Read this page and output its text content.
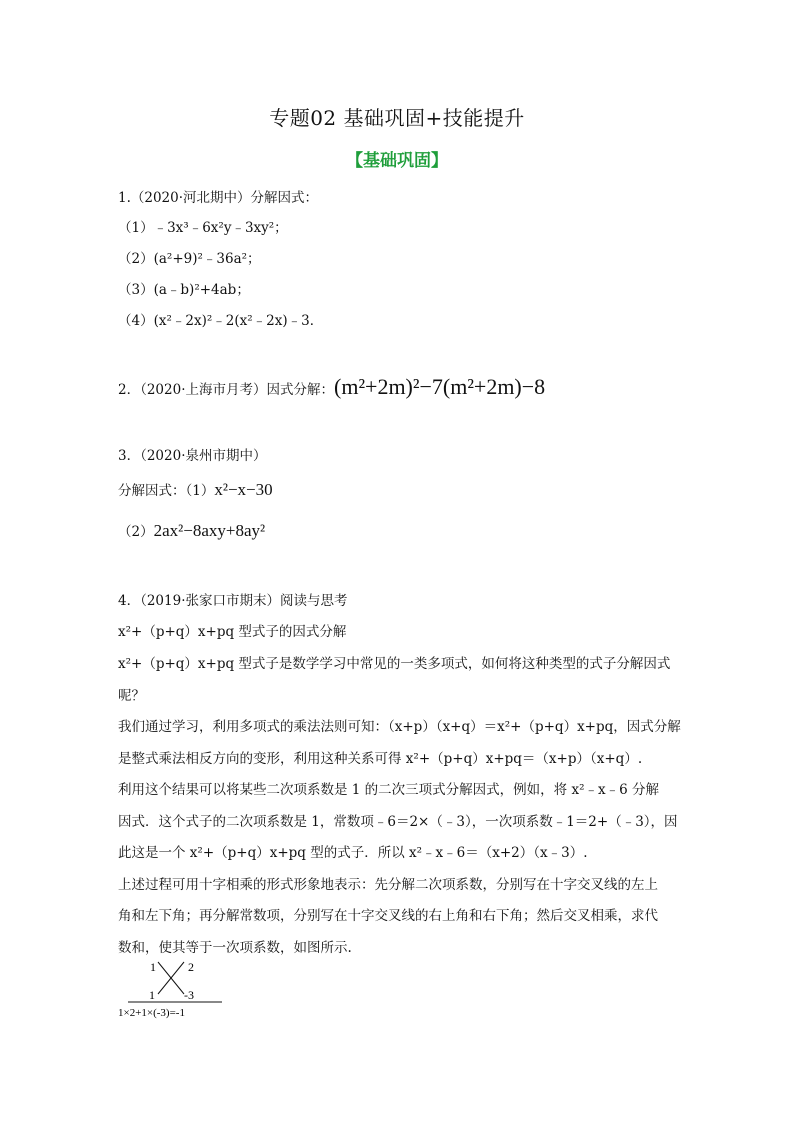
专题02 基础巩固+技能提升
【基础巩固】
1.（2020·河北期中）分解因式：
（1）﹣3x³﹣6x²y﹣3xy²；
（2）(a²+9)²﹣36a²；
（3）(a﹣b)²+4ab；
（4）(x²﹣2x)²﹣2(x²﹣2x)﹣3．
2．（2020·上海市月考）因式分解：(m²+2m)²−7(m²+2m)−8
3．（2020·泉州市期中）
分解因式：（1）x²−x−30
（2）2ax²−8axy+8ay²
4．（2019·张家口市期末）阅读与思考
x²+（p+q）x+pq 型式子的因式分解
x²+（p+q）x+pq 型式子是数学学习中常见的一类多项式，如何将这种类型的式子分解因式
呢？
我们通过学习，利用多项式的乘法法则可知：（x+p）（x+q）＝x²+（p+q）x+pq，因式分解
是整式乘法相反方向的变形，利用这种关系可得 x²+（p+q）x+pq＝（x+p）（x+q）.
利用这个结果可以将某些二次项系数是 1 的二次三项式分解因式，例如，将 x²﹣x﹣6 分解
因式．这个式子的二次项系数是 1，常数项﹣6＝2×（﹣3），一次项系数﹣1＝2+（﹣3），因
此这是一个 x²+（p+q）x+pq 型的式子．所以 x²﹣x﹣6＝（x+2）（x﹣3）.
上述过程可用十字相乘的形式形象地表示：先分解二次项系数，分别写在十字交叉线的左上
角和左下角；再分解常数项，分别写在十字交叉线的右上角和右下角；然后交叉相乘，求代
数和，使其等于一次项系数，如图所示.
1	2
1 -3
1×2+1×(-3)=-1
